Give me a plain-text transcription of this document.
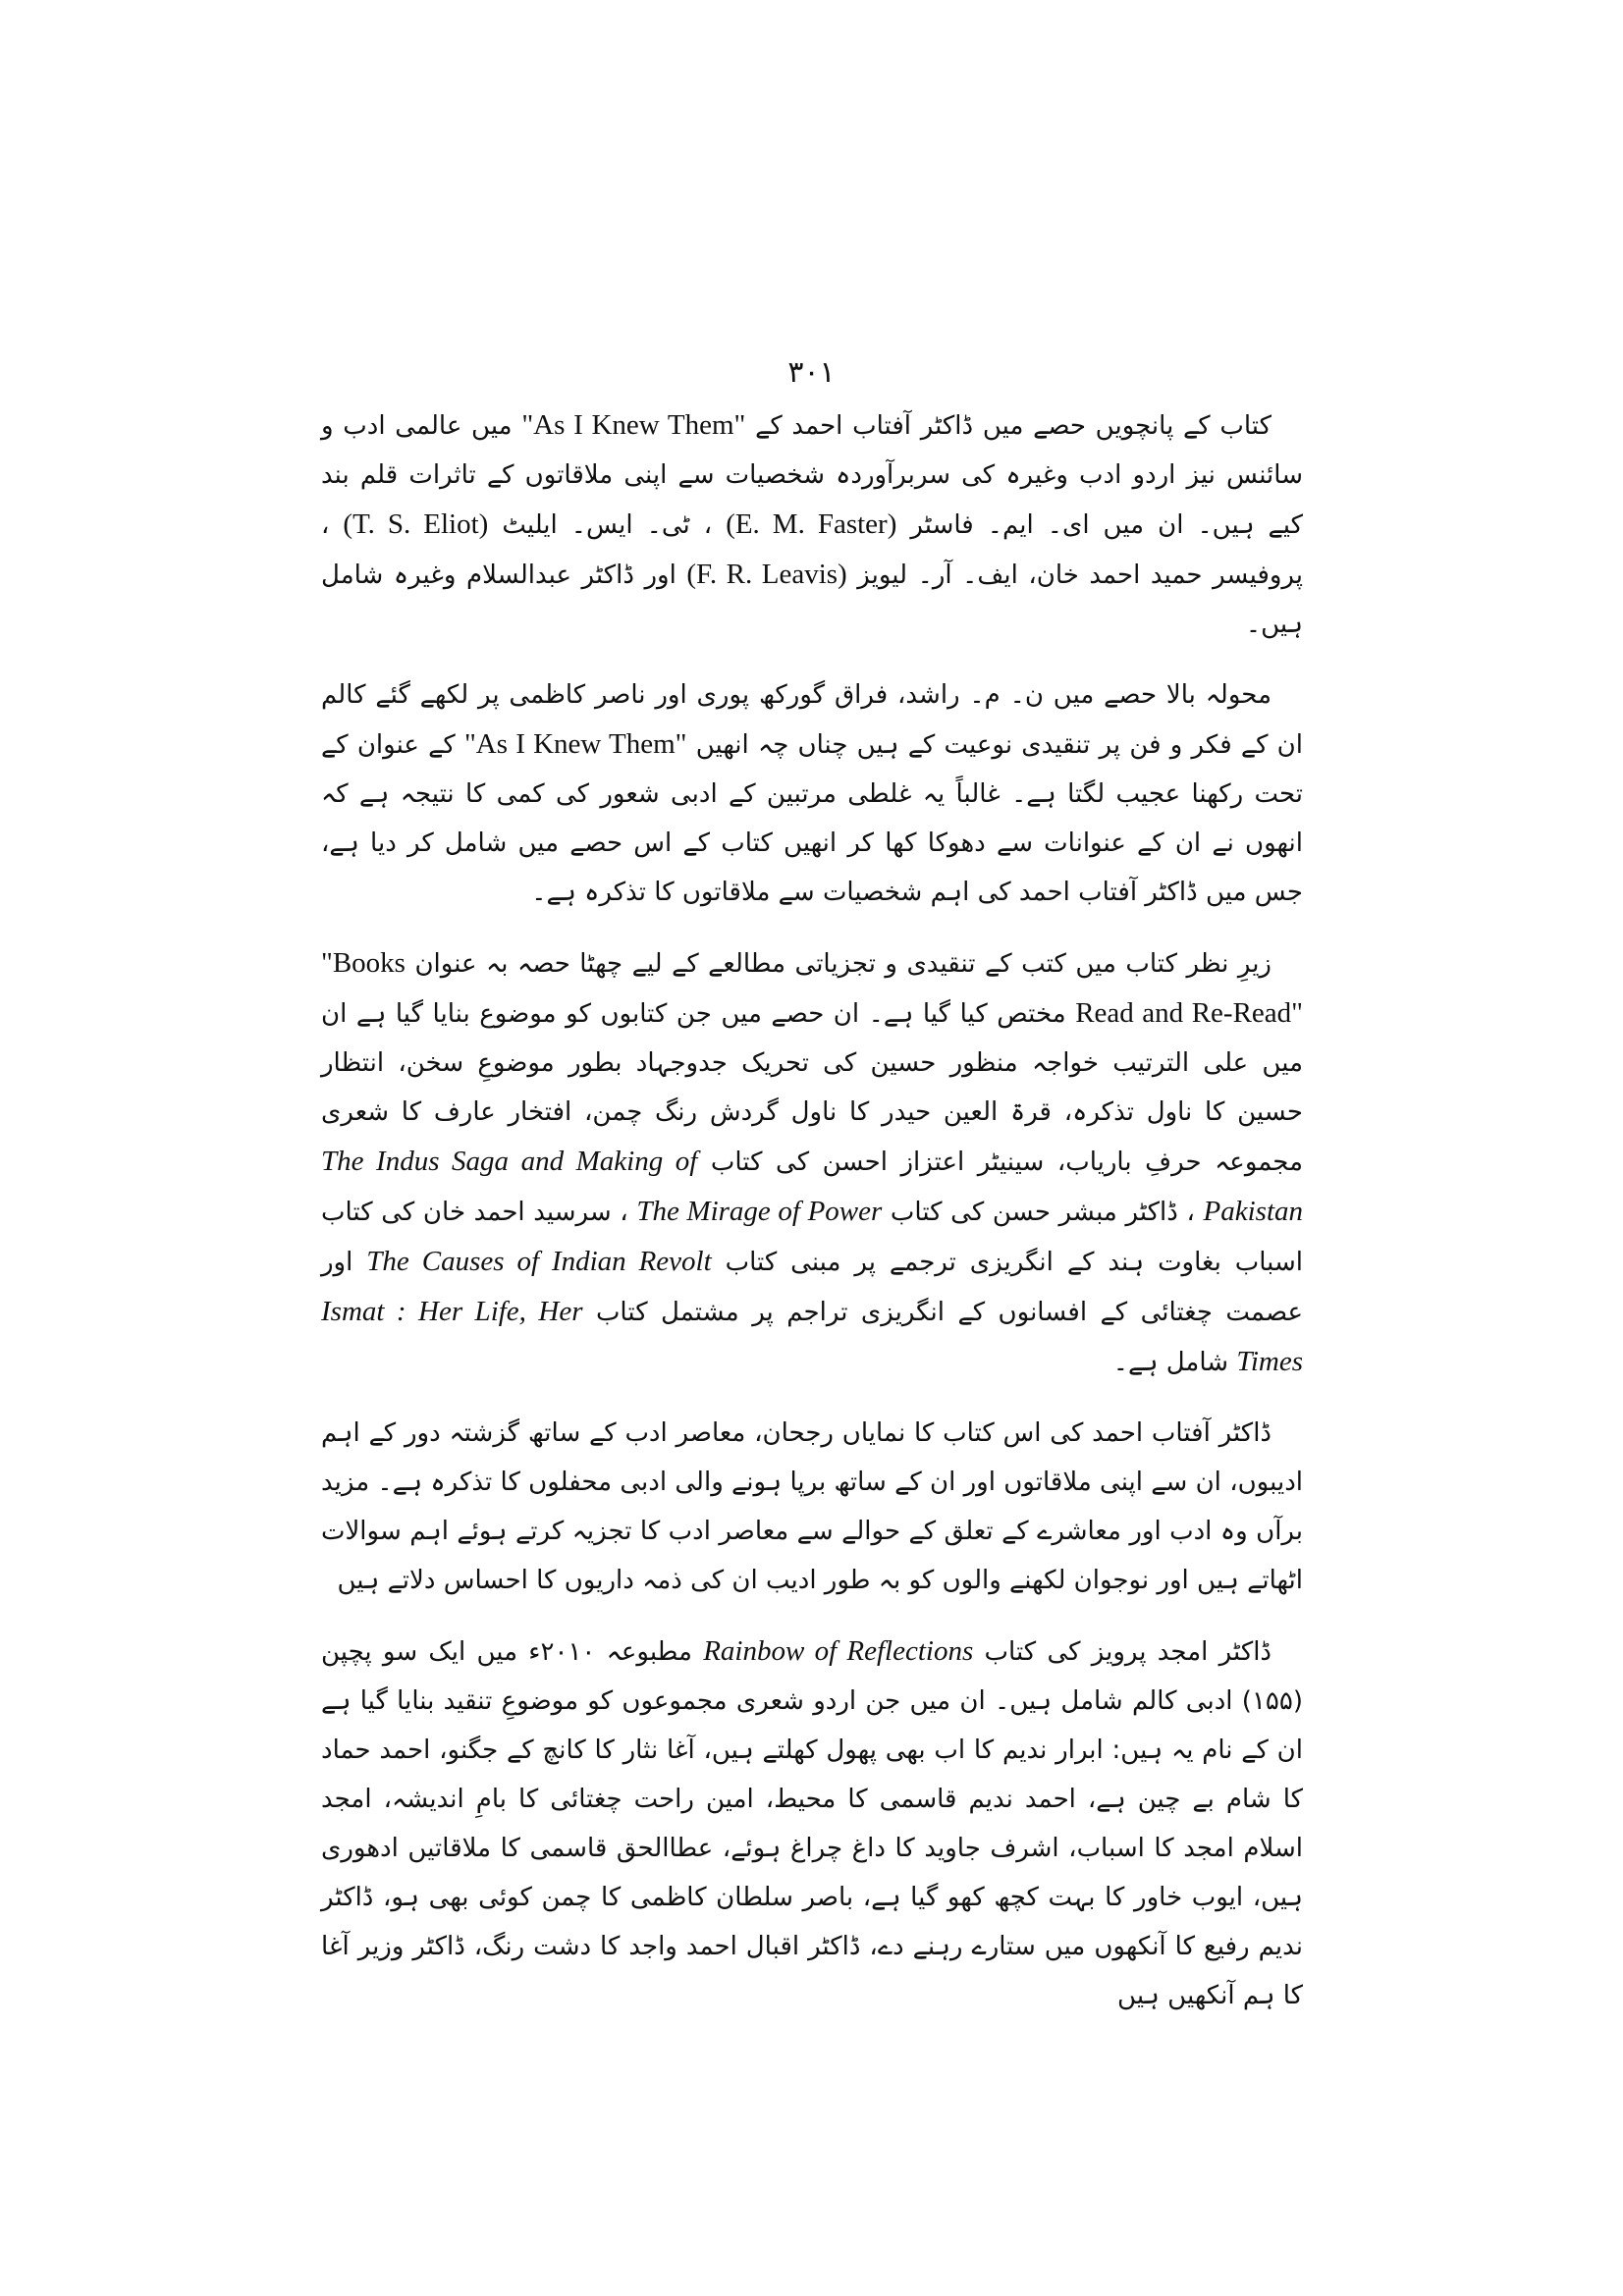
۳۰۱

کتاب کے پانچویں حصے میں ڈاکٹر آفتاب احمد کے "As I Knew Them" میں عالمی ادب و سائنس نیز اردو ادب وغیرہ کی سربرآوردہ شخصیات سے اپنی ملاقاتوں کے تاثرات قلم بند کیے ہیں۔ ان میں ای۔ ایم۔ فاسٹر (E. M. Faster) ، ٹی۔ ایس۔ ایلیٹ (T. S. Eliot) ، پروفیسر حمید احمد خان، ایف۔ آر۔ لیویز (F. R. Leavis) اور ڈاکٹر عبدالسلام وغیرہ شامل ہیں۔

محولہ بالا حصے میں ن۔ م۔ راشد، فراق گورکھ پوری اور ناصر کاظمی پر لکھے گئے کالم ان کے فکر و فن پر تنقیدی نوعیت کے ہیں چناں چہ انھیں "As I Knew Them" کے عنوان کے تحت رکھنا عجیب لگتا ہے۔ غالباً یہ غلطی مرتبین کے ادبی شعور کی کمی کا نتیجہ ہے کہ انھوں نے ان کے عنوانات سے دھوکا کھا کر انھیں کتاب کے اس حصے میں شامل کر دیا ہے، جس میں ڈاکٹر آفتاب احمد کی اہم شخصیات سے ملاقاتوں کا تذکرہ ہے۔

زیرِ نظر کتاب میں کتب کے تنقیدی و تجزیاتی مطالعے کے لیے چھٹا حصہ بہ عنوان "Books Read and Re-Read" مختص کیا گیا ہے۔ ان حصے میں جن کتابوں کو موضوع بنایا گیا ہے ان میں علی الترتیب خواجہ منظور حسین کی تحریک جدوجہاد بطور موضوعِ سخن، انتظار حسین کا ناول تذکرہ، قرۃ العین حیدر کا ناول گردش رنگ چمن، افتخار عارف کا شعری مجموعہ حرفِ باریاب، سینیٹر اعتزاز احسن کی کتاب The Indus Saga and Making of Pakistan ، ڈاکٹر مبشر حسن کی کتاب The Mirage of Power ، سرسید احمد خان کی کتاب اسباب بغاوت ہند کے انگریزی ترجمے پر مبنی کتاب The Causes of Indian Revolt اور عصمت چغتائی کے افسانوں کے انگریزی تراجم پر مشتمل کتاب Ismat : Her Life, Her Times شامل ہے۔

ڈاکٹر آفتاب احمد کی اس کتاب کا نمایاں رجحان، معاصر ادب کے ساتھ گزشتہ دور کے اہم ادیبوں، ان سے اپنی ملاقاتوں اور ان کے ساتھ برپا ہونے والی ادبی محفلوں کا تذکرہ ہے۔ مزید برآں وہ ادب اور معاشرے کے تعلق کے حوالے سے معاصر ادب کا تجزیہ کرتے ہوئے اہم سوالات اٹھاتے ہیں اور نوجوان لکھنے والوں کو بہ طور ادیب ان کی ذمہ داریوں کا احساس دلاتے ہیں

ڈاکٹر امجد پرویز کی کتاب Rainbow of Reflections مطبوعہ ۲۰۱۰ء میں ایک سو پچپن (۱۵۵) ادبی کالم شامل ہیں۔ ان میں جن اردو شعری مجموعوں کو موضوعِ تنقید بنایا گیا ہے ان کے نام یہ ہیں: ابرار ندیم کا اب بھی پھول کھلتے ہیں، آغا نثار کا کانچ کے جگنو، احمد حماد کا شام بے چین ہے، احمد ندیم قاسمی کا محیط، امین راحت چغتائی کا بامِ اندیشہ، امجد اسلام امجد کا اسباب، اشرف جاوید کا داغ چراغ ہوئے، عطاالحق قاسمی کا ملاقاتیں ادھوری ہیں، ایوب خاور کا بہت کچھ کھو گیا ہے، باصر سلطان کاظمی کا چمن کوئی بھی ہو، ڈاکٹر ندیم رفیع کا آنکھوں میں ستارے رہنے دے، ڈاکٹر اقبال احمد واجد کا دشت رنگ، ڈاکٹر وزیر آغا کا ہم آنکھیں ہیں
